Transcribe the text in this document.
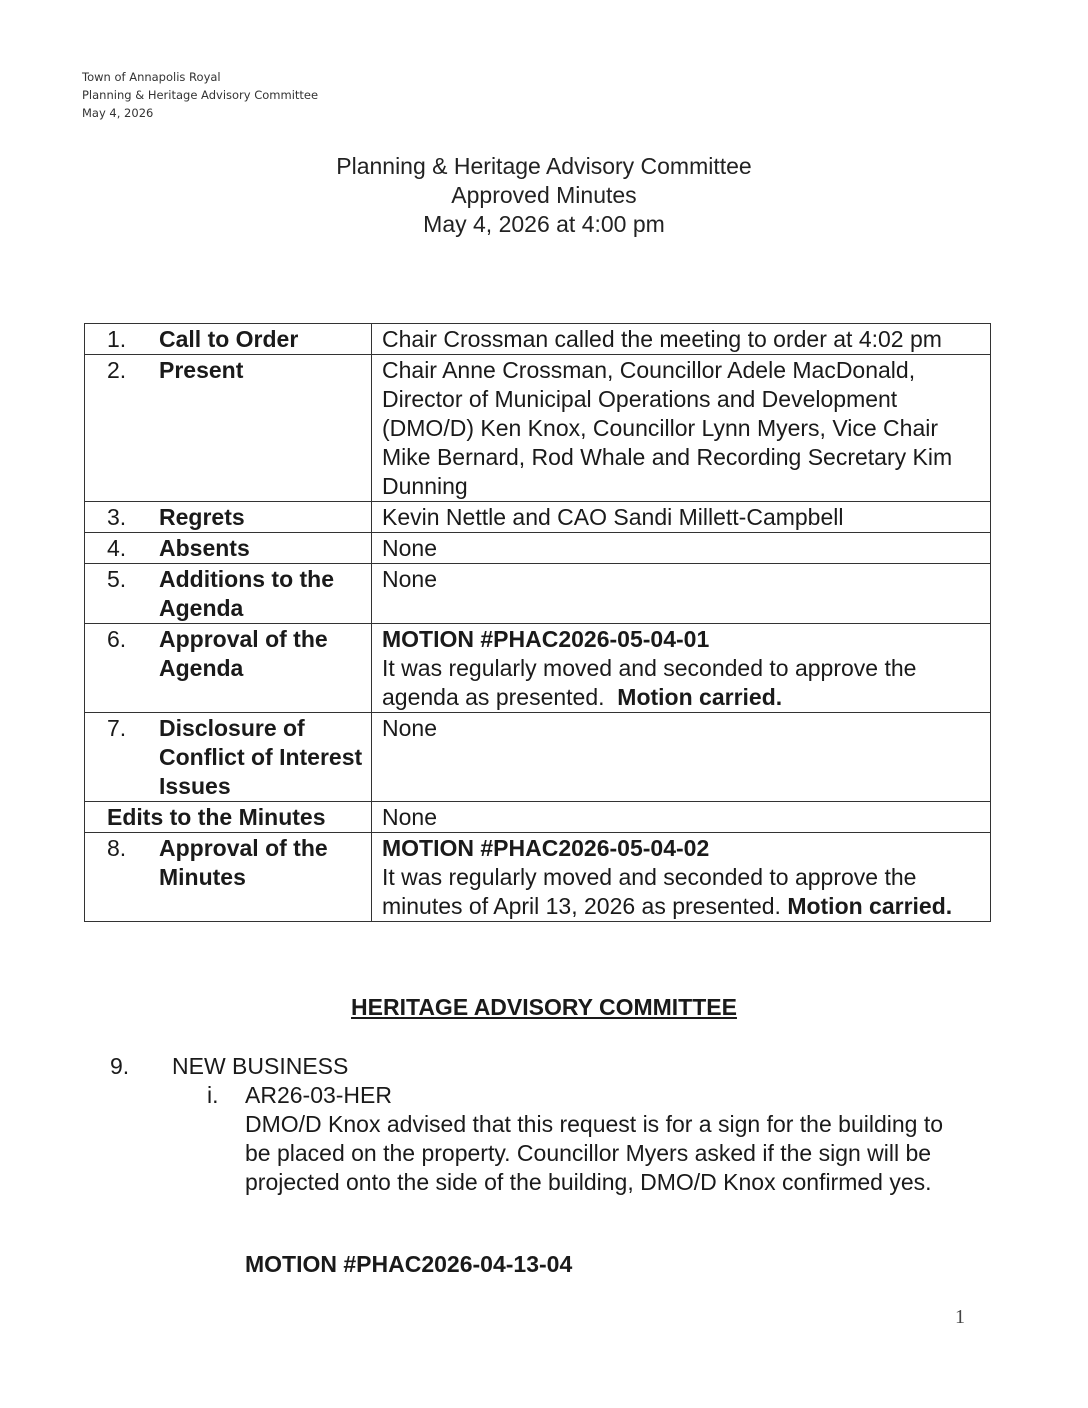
Town of Annapolis Royal
Planning & Heritage Advisory Committee
May 4, 2026
Planning & Heritage Advisory Committee
Approved Minutes
May 4, 2026 at 4:00 pm
1. Call to Order	Chair Crossman called the meeting to order at 4:02 pm

2. Present	Chair Anne Crossman, Councillor Adele MacDonald, Director of Municipal Operations and Development (DMO/D) Ken Knox, Councillor Lynn Myers, Vice Chair Mike Bernard, Rod Whale and Recording Secretary Kim Dunning

3. Regrets	Kevin Nettle and CAO Sandi Millett-Campbell

4. Absents	None

5. Additions to the Agenda	None

6. Approval of the Agenda	MOTION #PHAC2026-05-04-01
It was regularly moved and seconded to approve the agenda as presented. Motion carried.

7. Disclosure of Conflict of Interest Issues	None
Edits to the Minutes	None

8. Approval of the Minutes	MOTION #PHAC2026-05-04-02
It was regularly moved and seconded to approve the minutes of April 13, 2026 as presented. Motion carried.
HERITAGE ADVISORY COMMITTEE
9. NEW BUSINESS
i. AR26-03-HER
DMO/D Knox advised that this request is for a sign for the building to be placed on the property. Councillor Myers asked if the sign will be projected onto the side of the building, DMO/D Knox confirmed yes.
MOTION #PHAC2026-04-13-04
1
